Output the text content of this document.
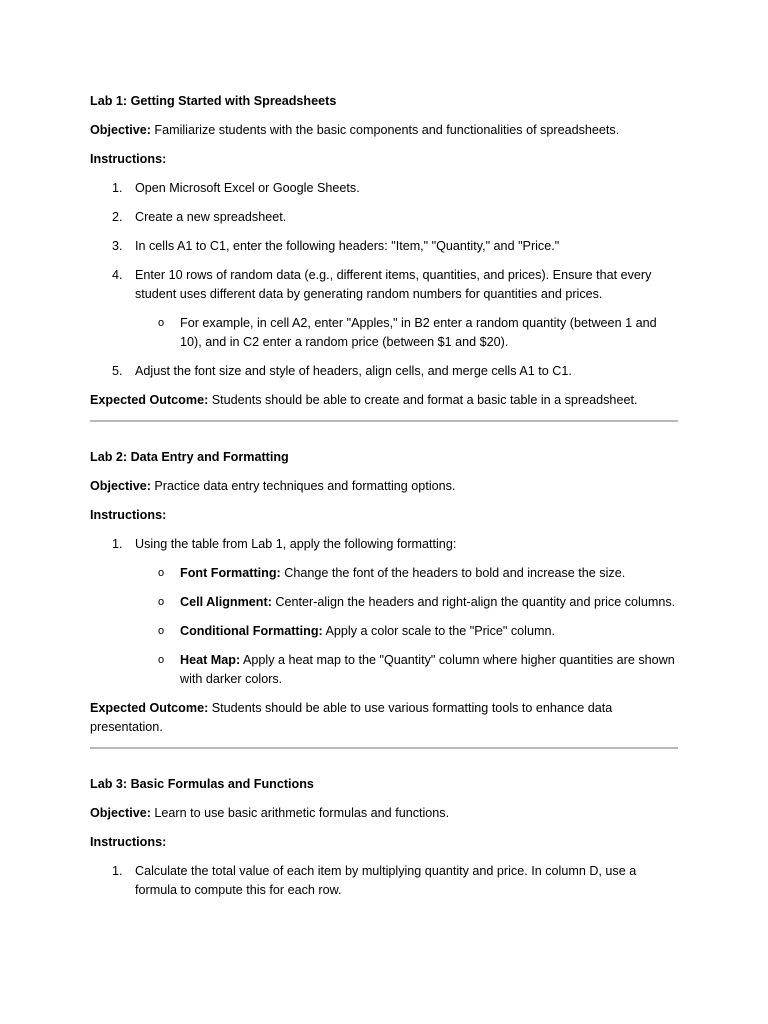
Lab 1: Getting Started with Spreadsheets
Objective: Familiarize students with the basic components and functionalities of spreadsheets.
Instructions:
1. Open Microsoft Excel or Google Sheets.
2. Create a new spreadsheet.
3. In cells A1 to C1, enter the following headers: "Item," "Quantity," and "Price."
4. Enter 10 rows of random data (e.g., different items, quantities, and prices). Ensure that every student uses different data by generating random numbers for quantities and prices.
o For example, in cell A2, enter "Apples," in B2 enter a random quantity (between 1 and 10), and in C2 enter a random price (between $1 and $20).
5. Adjust the font size and style of headers, align cells, and merge cells A1 to C1.
Expected Outcome: Students should be able to create and format a basic table in a spreadsheet.
Lab 2: Data Entry and Formatting
Objective: Practice data entry techniques and formatting options.
Instructions:
1. Using the table from Lab 1, apply the following formatting:
o Font Formatting: Change the font of the headers to bold and increase the size.
o Cell Alignment: Center-align the headers and right-align the quantity and price columns.
o Conditional Formatting: Apply a color scale to the "Price" column.
o Heat Map: Apply a heat map to the "Quantity" column where higher quantities are shown with darker colors.
Expected Outcome: Students should be able to use various formatting tools to enhance data presentation.
Lab 3: Basic Formulas and Functions
Objective: Learn to use basic arithmetic formulas and functions.
Instructions:
1. Calculate the total value of each item by multiplying quantity and price. In column D, use a formula to compute this for each row.
